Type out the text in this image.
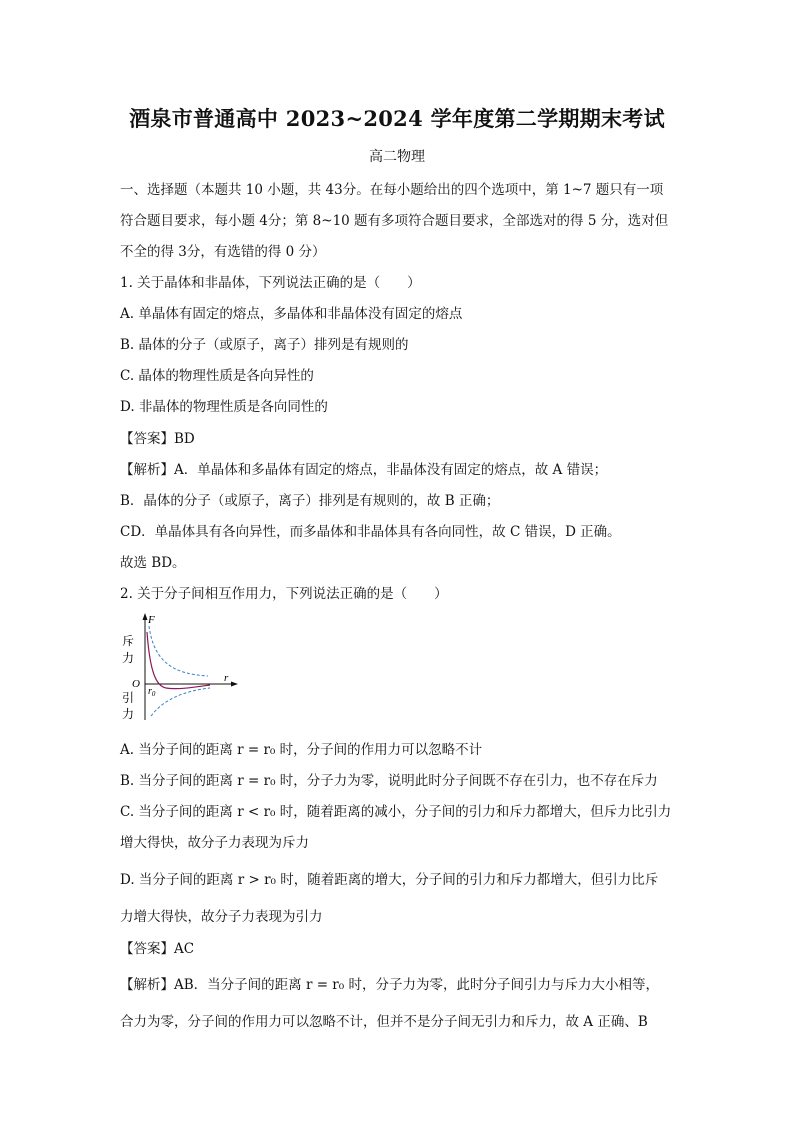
酒泉市普通高中 2023~2024 学年度第二学期期末考试
高二物理
一、选择题（本题共 10 小题，共 43分。在每小题给出的四个选项中，第 1~7 题只有一项
符合题目要求，每小题 4分；第 8~10 题有多项符合题目要求，全部选对的得 5 分，选对但
不全的得 3分，有选错的得 0 分）
1. 关于晶体和非晶体，下列说法正确的是（　　）
A. 单晶体有固定的熔点，多晶体和非晶体没有固定的熔点
B. 晶体的分子（或原子，离子）排列是有规则的
C. 晶体的物理性质是各向异性的
D. 非晶体的物理性质是各向同性的
【答案】BD
【解析】A．单晶体和多晶体有固定的熔点，非晶体没有固定的熔点，故 A 错误；
B．晶体的分子（或原子，离子）排列是有规则的，故 B 正确；
CD．单晶体具有各向异性，而多晶体和非晶体具有各向同性，故 C 错误，D 正确。
故选 BD。
2. 关于分子间相互作用力，下列说法正确的是（　　）
F
r
O
$r_0$
斥
力
引
力
A. 当分子间的距离 r = r₀ 时，分子间的作用力可以忽略不计
B. 当分子间的距离 r = r₀ 时，分子力为零，说明此时分子间既不存在引力，也不存在斥力
C. 当分子间的距离 r < r₀ 时，随着距离的减小，分子间的引力和斥力都增大，但斥力比引力
增大得快，故分子力表现为斥力
D. 当分子间的距离 r > r₀ 时，随着距离的增大，分子间的引力和斥力都增大，但引力比斥
力增大得快，故分子力表现为引力
【答案】AC
【解析】AB．当分子间的距离 r = r₀ 时，分子力为零，此时分子间引力与斥力大小相等，
合力为零，分子间的作用力可以忽略不计，但并不是分子间无引力和斥力，故 A 正确、B
